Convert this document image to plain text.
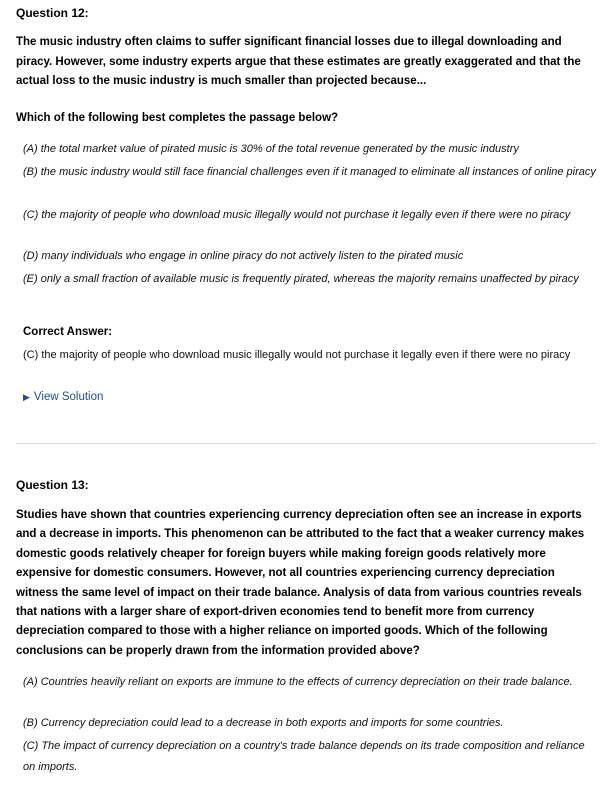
Question 12:
The music industry often claims to suffer significant financial losses due to illegal downloading and piracy. However, some industry experts argue that these estimates are greatly exaggerated and that the actual loss to the music industry is much smaller than projected because...
Which of the following best completes the passage below?
(A) the total market value of pirated music is 30% of the total revenue generated by the music industry
(B) the music industry would still face financial challenges even if it managed to eliminate all instances of online piracy
(C) the majority of people who download music illegally would not purchase it legally even if there were no piracy
(D) many individuals who engage in online piracy do not actively listen to the pirated music
(E) only a small fraction of available music is frequently pirated, whereas the majority remains unaffected by piracy
Correct Answer:
(C) the majority of people who download music illegally would not purchase it legally even if there were no piracy
▶ View Solution
Question 13:
Studies have shown that countries experiencing currency depreciation often see an increase in exports and a decrease in imports. This phenomenon can be attributed to the fact that a weaker currency makes domestic goods relatively cheaper for foreign buyers while making foreign goods relatively more expensive for domestic consumers. However, not all countries experiencing currency depreciation witness the same level of impact on their trade balance. Analysis of data from various countries reveals that nations with a larger share of export-driven economies tend to benefit more from currency depreciation compared to those with a higher reliance on imported goods. Which of the following conclusions can be properly drawn from the information provided above?
(A) Countries heavily reliant on exports are immune to the effects of currency depreciation on their trade balance.
(B) Currency depreciation could lead to a decrease in both exports and imports for some countries.
(C) The impact of currency depreciation on a country's trade balance depends on its trade composition and reliance on imports.
